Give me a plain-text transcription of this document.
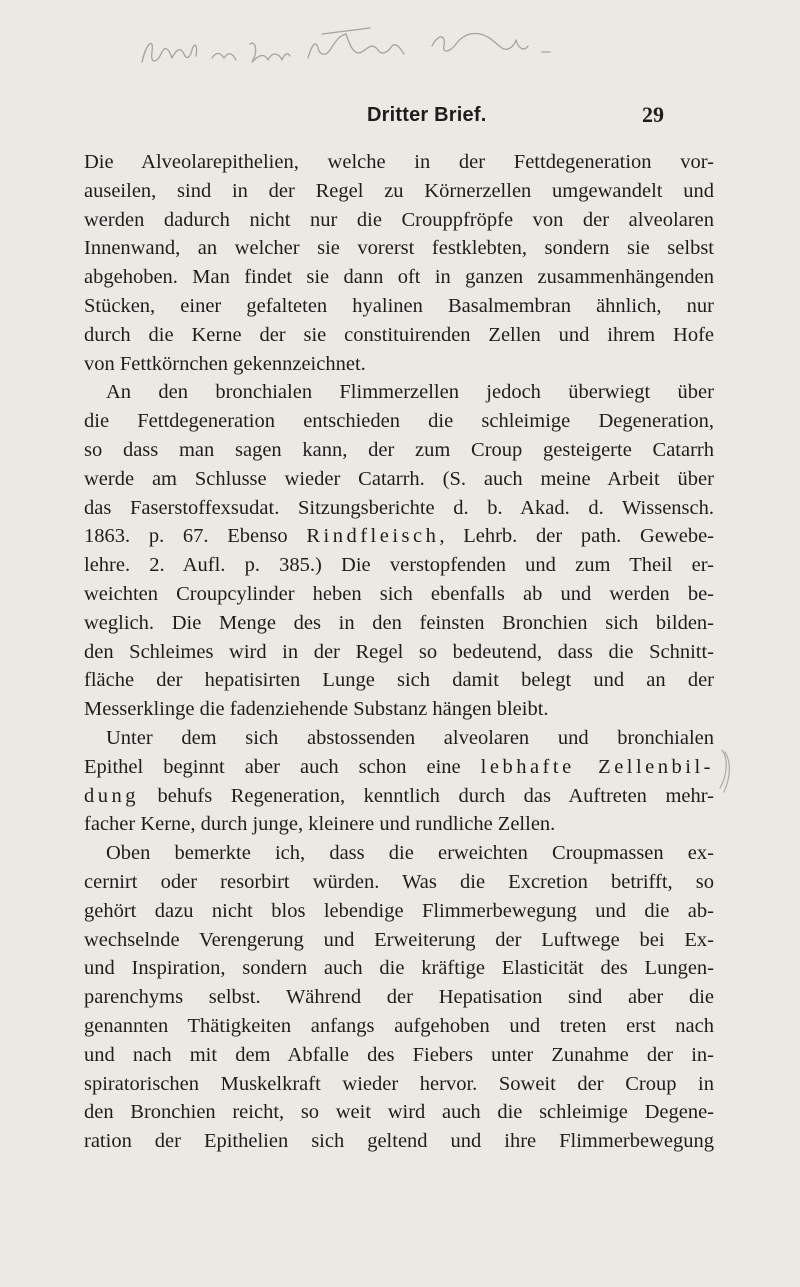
Dritter Brief.	29
Die Alveolarepithelien, welche in der Fettdegeneration vor-
auseilen, sind in der Regel zu Körnerzellen umgewandelt und
werden dadurch nicht nur die Crouppfröpfe von der alveolaren
Innenwand, an welcher sie vorerst festklebten, sondern sie selbst
abgehoben. Man findet sie dann oft in ganzen zusammenhängenden
Stücken, einer gefalteten hyalinen Basalmembran ähnlich, nur
durch die Kerne der sie constituirenden Zellen und ihrem Hofe
von Fettkörnchen gekennzeichnet.
An den bronchialen Flimmerzellen jedoch überwiegt über
die Fettdegeneration entschieden die schleimige Degeneration,
so dass man sagen kann, der zum Croup gesteigerte Catarrh
werde am Schlusse wieder Catarrh. (S. auch meine Arbeit über
das Faserstoffexsudat. Sitzungsberichte d. b. Akad. d. Wissensch.
1863. p. 67. Ebenso Rindfleisch, Lehrb. der path. Gewebe-
lehre. 2. Aufl. p. 385.) Die verstopfenden und zum Theil er-
weichten Croupcylinder heben sich ebenfalls ab und werden be-
weglich. Die Menge des in den feinsten Bronchien sich bilden-
den Schleimes wird in der Regel so bedeutend, dass die Schnitt-
fläche der hepatisirten Lunge sich damit belegt und an der
Messerklinge die fadenziehende Substanz hängen bleibt.
Unter dem sich abstossenden alveolaren und bronchialen
Epithel beginnt aber auch schon eine lebhafte Zellenbil-
dung behufs Regeneration, kenntlich durch das Auftreten mehr-
facher Kerne, durch junge, kleinere und rundliche Zellen.
Oben bemerkte ich, dass die erweichten Croupmassen ex-
cernirt oder resorbirt würden. Was die Excretion betrifft, so
gehört dazu nicht blos lebendige Flimmerbewegung und die ab-
wechselnde Verengerung und Erweiterung der Luftwege bei Ex-
und Inspiration, sondern auch die kräftige Elasticität des Lungen-
parenchyms selbst. Während der Hepatisation sind aber die
genannten Thätigkeiten anfangs aufgehoben und treten erst nach
und nach mit dem Abfalle des Fiebers unter Zunahme der in-
spiratorischen Muskelkraft wieder hervor. Soweit der Croup in
den Bronchien reicht, so weit wird auch die schleimige Degene-
ration der Epithelien sich geltend und ihre Flimmerbewegung
